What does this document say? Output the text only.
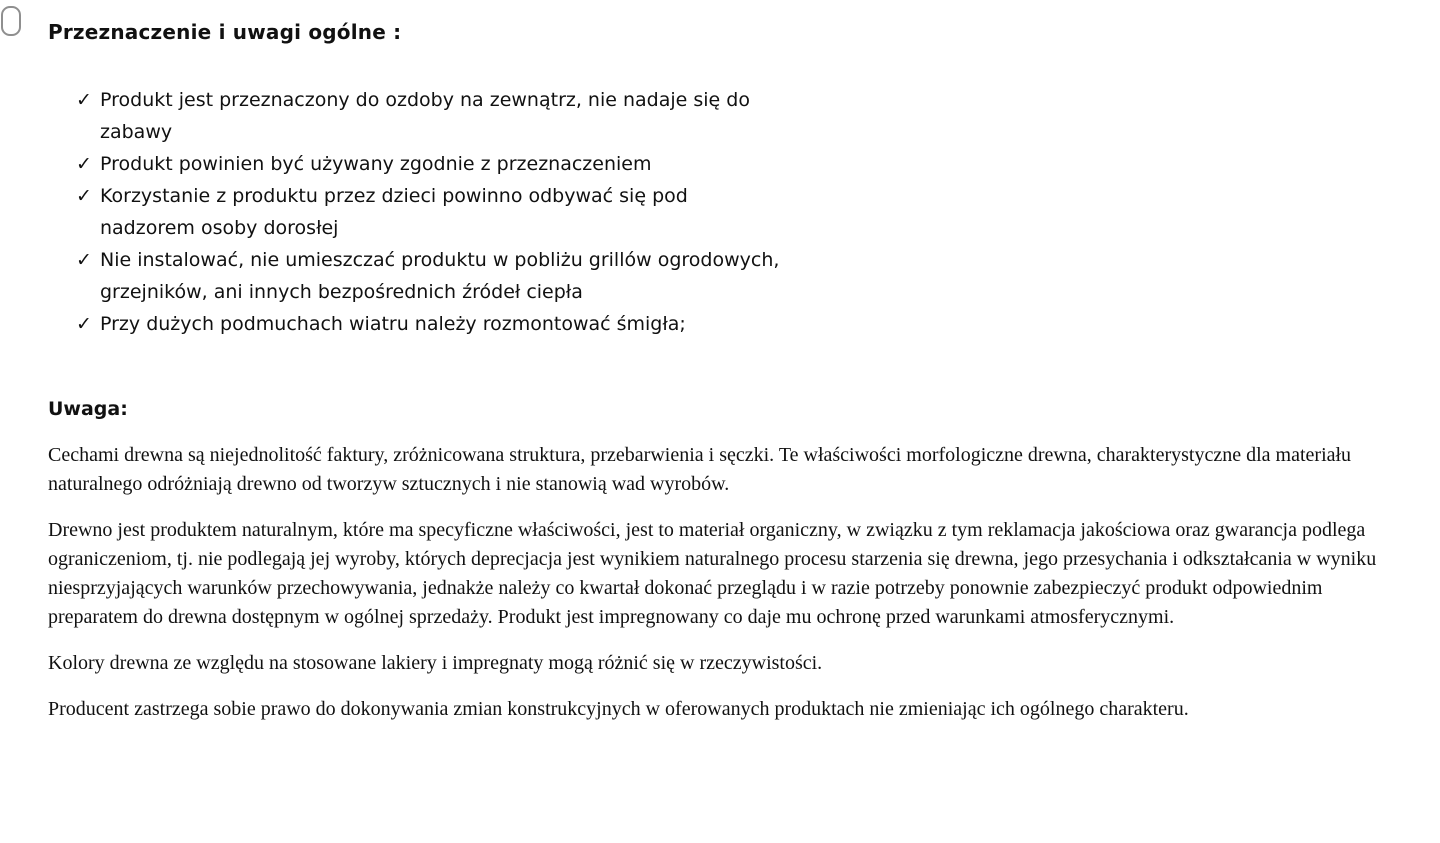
Przeznaczenie i uwagi ogólne :
✓ Produkt jest przeznaczony do ozdoby na zewnątrz, nie nadaje się do
zabawy
✓ Produkt powinien być używany zgodnie z przeznaczeniem
✓ Korzystanie z produktu przez dzieci powinno odbywać się pod
nadzorem osoby dorosłej
✓ Nie instalować, nie umieszczać produktu w pobliżu grillów ogrodowych,
grzejników, ani innych bezpośrednich źródeł ciepła
✓ Przy dużych podmuchach wiatru należy rozmontować śmigła;
Uwaga:

Cechami drewna są niejednolitość faktury, zróżnicowana struktura, przebarwienia i sęczki. Te właściwości morfologiczne drewna, charakterystyczne dla materiału naturalnego odróżniają drewno od tworzyw sztucznych i nie stanowią wad wyrobów.

Drewno jest produktem naturalnym, które ma specyficzne właściwości, jest to materiał organiczny, w związku z tym reklamacja jakościowa oraz gwarancja podlega ograniczeniom, tj. nie podlegają jej wyroby, których deprecjacja jest wynikiem naturalnego procesu starzenia się drewna, jego przesychania i odkształcania w wyniku niesprzyjających warunków przechowywania, jednakże należy co kwartał dokonać przeglądu i w razie potrzeby ponownie zabezpieczyć produkt odpowiednim preparatem do drewna dostępnym w ogólnej sprzedaży. Produkt jest impregnowany co daje mu ochronę przed warunkami atmosferycznymi.

Kolory drewna ze względu na stosowane lakiery i impregnaty mogą różnić się w rzeczywistości.

Producent zastrzega sobie prawo do dokonywania zmian konstrukcyjnych w oferowanych produktach nie zmieniając ich ogólnego charakteru.
